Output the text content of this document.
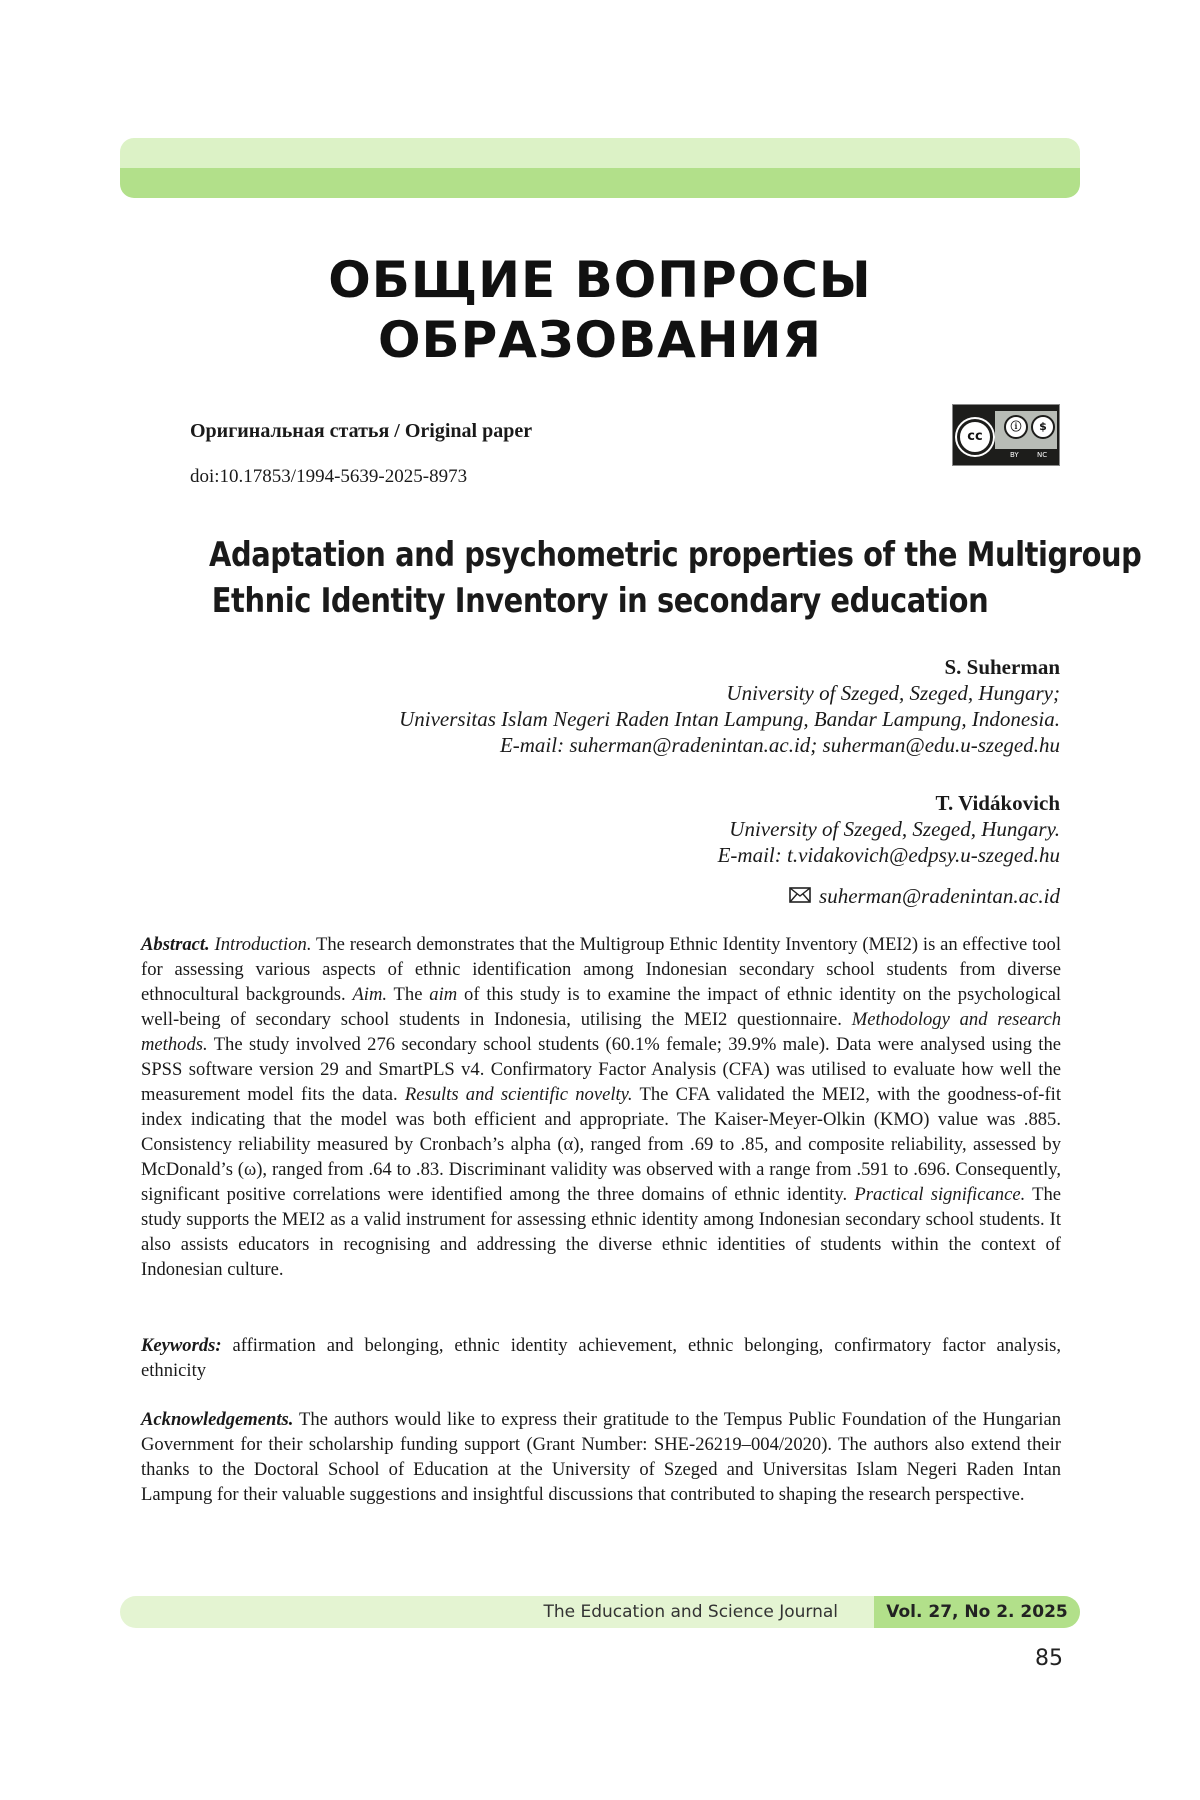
ОБЩИЕ ВОПРОСЫ
ОБРАЗОВАНИЯ
Оригинальная статья / Original paper
doi:10.17853/1994-5639-2025-8973
cc
ⓘ	$
BY	NC
Adaptation and psychometric properties of the Multigroup
Ethnic Identity Inventory in secondary education
S. Suherman
University of Szeged, Szeged, Hungary;
Universitas Islam Negeri Raden Intan Lampung, Bandar Lampung, Indonesia.
E-mail: suherman@radenintan.ac.id; suherman@edu.u-szeged.hu
T. Vidákovich
University of Szeged, Szeged, Hungary.
E-mail: t.vidakovich@edpsy.u-szeged.hu
suherman@radenintan.ac.id
Abstract. Introduction. The research demonstrates that the Multigroup Ethnic Identity Inventory (MEI2) is an effective tool for assessing various aspects of ethnic identification among Indonesian secondary school students from diverse ethnocultural backgrounds. Aim. The aim of this study is to examine the impact of ethnic identity on the psychological well-being of secondary school students in Indonesia, utilising the MEI2 questionnaire. Methodology and research methods. The study involved 276 secondary school students (60.1% female; 39.9% male). Data were analysed using the SPSS software version 29 and SmartPLS v4. Confirmatory Factor Analysis (CFA) was utilised to evaluate how well the measurement model fits the data. Results and scientific novelty. The CFA validated the MEI2, with the goodness-of-fit index indicating that the model was both efficient and appropriate. The Kaiser-Meyer-Olkin (KMO) value was .885. Consistency reliability measured by Cronbach’s alpha (α), ranged from .69 to .85, and composite reliability, assessed by McDonald’s (ω), ranged from .64 to .83. Discriminant validity was observed with a range from .591 to .696. Consequently, significant positive correlations were identified among the three domains of ethnic identity. Practical significance. The study supports the MEI2 as a valid instrument for assessing ethnic identity among Indonesian secondary school students. It also assists educators in recognising and addressing the diverse ethnic identities of students within the context of Indonesian culture.
Keywords: affirmation and belonging, ethnic identity achievement, ethnic belonging, confirmatory factor analysis, ethnicity
Acknowledgements. The authors would like to express their gratitude to the Tempus Public Foundation of the Hungarian Government for their scholarship funding support (Grant Number: SHE-26219–004/2020). The authors also extend their thanks to the Doctoral School of Education at the University of Szeged and Universitas Islam Negeri Raden Intan Lampung for their valuable suggestions and insightful discussions that contributed to shaping the research perspective.
The Education and Science Journal	Vol. 27, No 2. 2025
85
